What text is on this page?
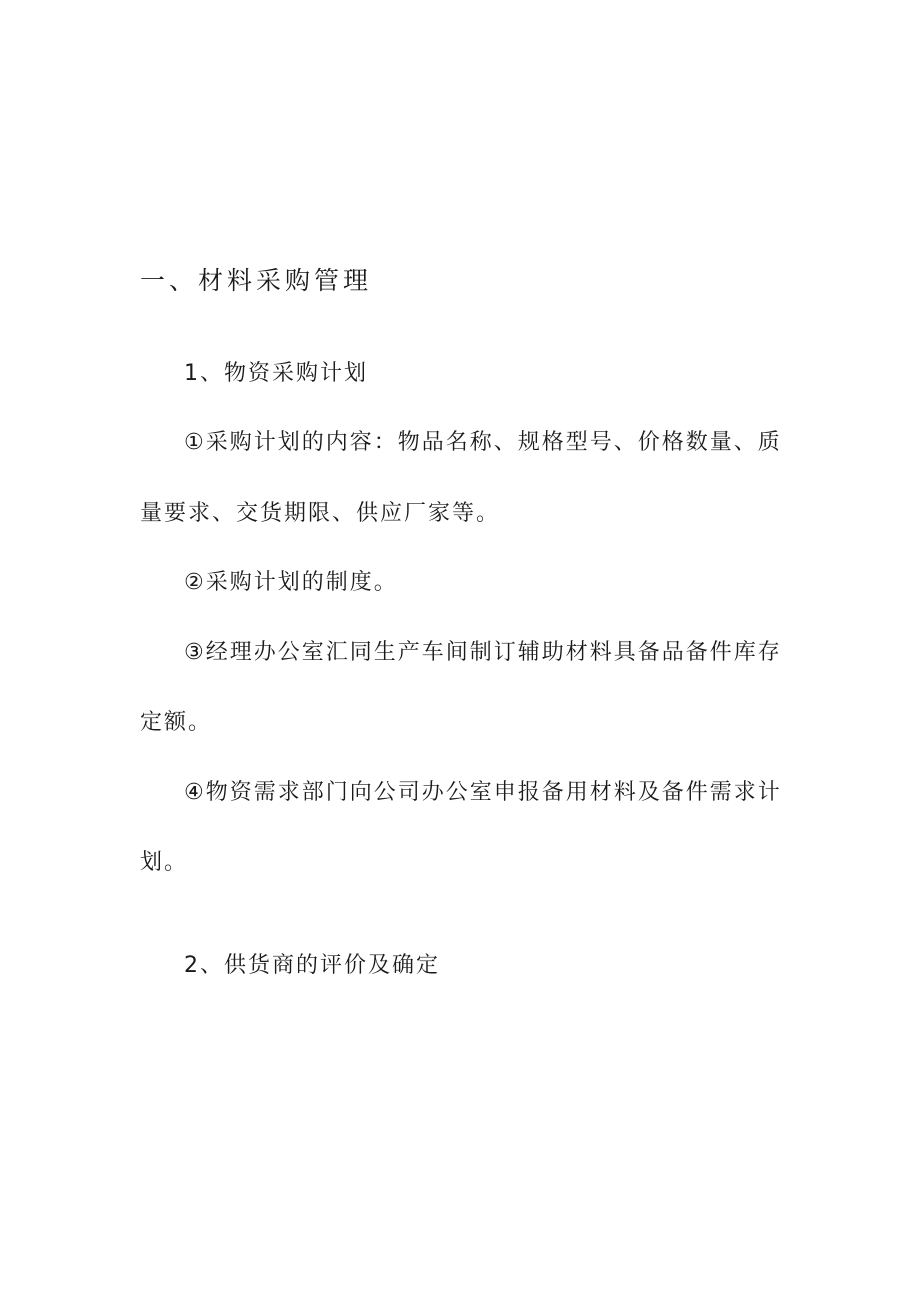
一、材料采购管理
1、物资采购计划
①采购计划的内容：物品名称、规格型号、价格数量、质
量要求、交货期限、供应厂家等。
②采购计划的制度。
③经理办公室汇同生产车间制订辅助材料具备品备件库存
定额。
④物资需求部门向公司办公室申报备用材料及备件需求计
划。
2、供货商的评价及确定
